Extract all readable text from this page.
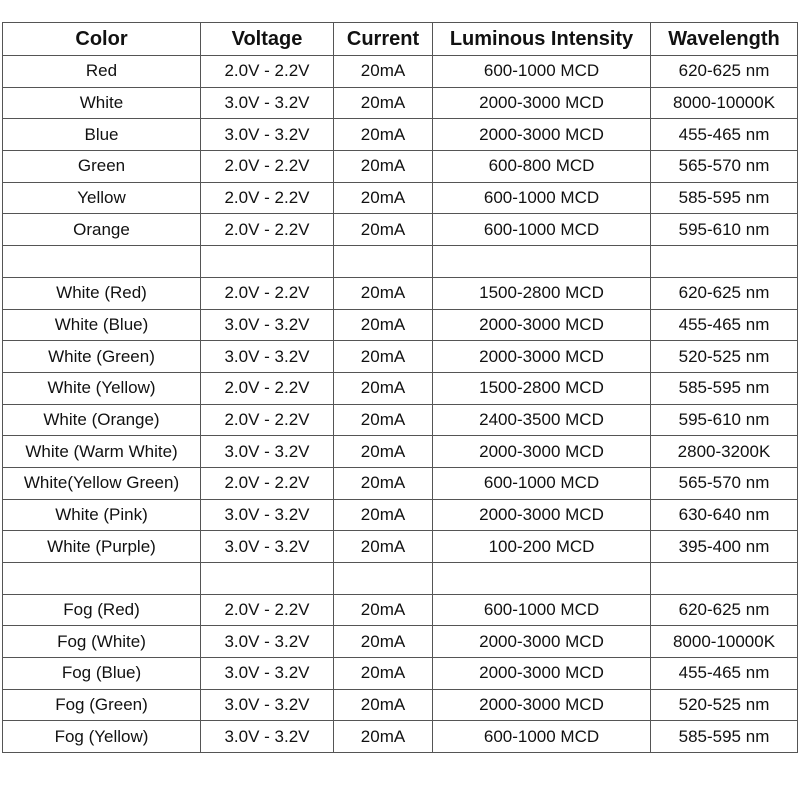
Color	Voltage	Current	Luminous Intensity	Wavelength
Red	2.0V - 2.2V	20mA	600-1000 MCD	620-625 nm
White	3.0V - 3.2V	20mA	2000-3000 MCD	8000-10000K
Blue	3.0V - 3.2V	20mA	2000-3000 MCD	455-465 nm
Green	2.0V - 2.2V	20mA	600-800 MCD	565-570 nm
Yellow	2.0V - 2.2V	20mA	600-1000 MCD	585-595 nm
Orange	2.0V - 2.2V	20mA	600-1000 MCD	595-610 nm

White (Red)	2.0V - 2.2V	20mA	1500-2800 MCD	620-625 nm
White (Blue)	3.0V - 3.2V	20mA	2000-3000 MCD	455-465 nm
White (Green)	3.0V - 3.2V	20mA	2000-3000 MCD	520-525 nm
White (Yellow)	2.0V - 2.2V	20mA	1500-2800 MCD	585-595 nm
White (Orange)	2.0V - 2.2V	20mA	2400-3500 MCD	595-610 nm
White (Warm White)	3.0V - 3.2V	20mA	2000-3000 MCD	2800-3200K
White(Yellow Green)	2.0V - 2.2V	20mA	600-1000 MCD	565-570 nm
White (Pink)	3.0V - 3.2V	20mA	2000-3000 MCD	630-640 nm
White (Purple)	3.0V - 3.2V	20mA	100-200 MCD	395-400 nm

Fog (Red)	2.0V - 2.2V	20mA	600-1000 MCD	620-625 nm
Fog (White)	3.0V - 3.2V	20mA	2000-3000 MCD	8000-10000K
Fog (Blue)	3.0V - 3.2V	20mA	2000-3000 MCD	455-465 nm
Fog (Green)	3.0V - 3.2V	20mA	2000-3000 MCD	520-525 nm
Fog (Yellow)	3.0V - 3.2V	20mA	600-1000 MCD	585-595 nm
